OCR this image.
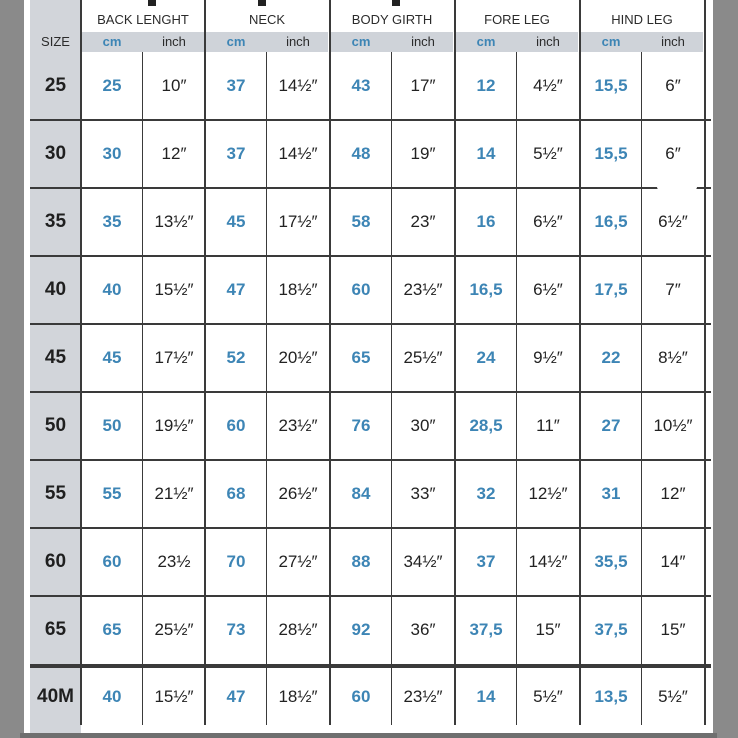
SIZE
BACK LENGHT
cm	inch
NECK
cm	inch
BODY GIRTH
cm	inch
FORE LEG
cm	inch
HIND LEG
cm	inch
25	25	10″	37	14½″	43	17″	12	4½″	15,5	6″
30	30	12″	37	14½″	48	19″	14	5½″	15,5	6″
35	35	13½″	45	17½″	58	23″	16	6½″	16,5	6½″
40	40	15½″	47	18½″	60	23½″	16,5	6½″	17,5	7″
45	45	17½″	52	20½″	65	25½″	24	9½″	22	8½″
50	50	19½″	60	23½″	76	30″	28,5	11″	27	10½″
55	55	21½″	68	26½″	84	33″	32	12½″	31	12″
60	60	23½	70	27½″	88	34½″	37	14½″	35,5	14″
65	65	25½″	73	28½″	92	36″	37,5	15″	37,5	15″
40M	40	15½″	47	18½″	60	23½″	14	5½″	13,5	5½″
